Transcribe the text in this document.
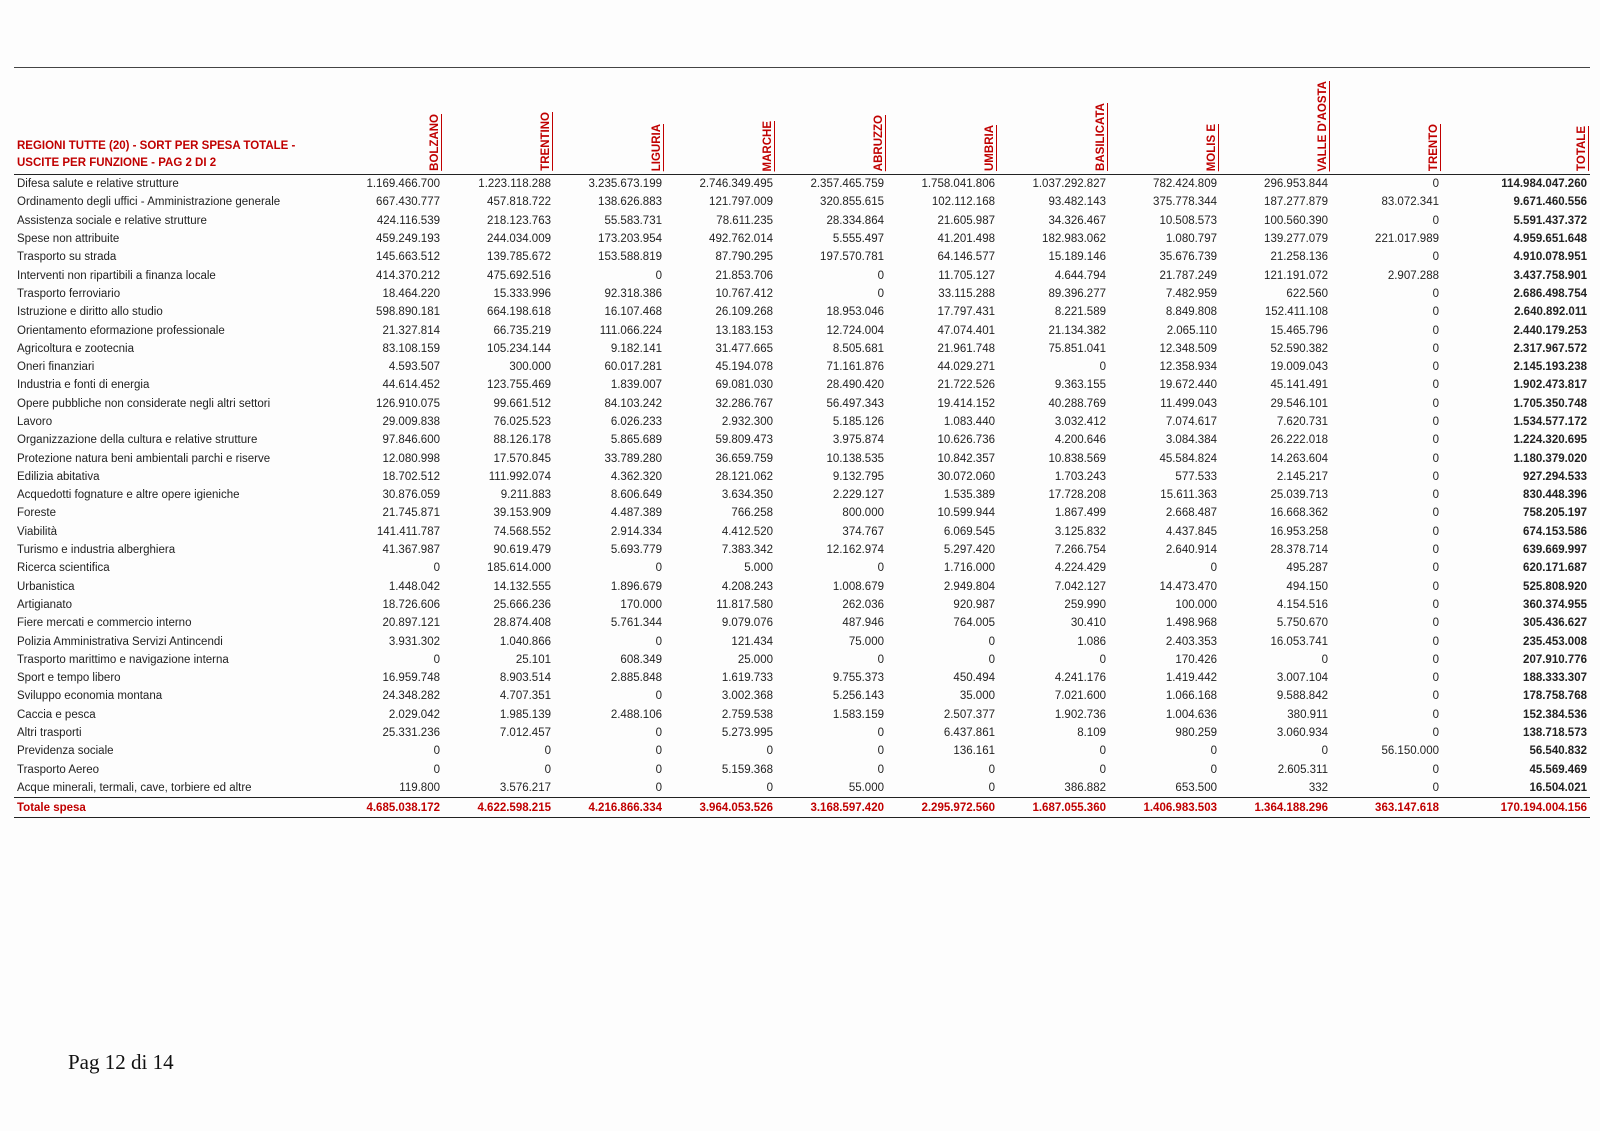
REGIONI TUTTE (20) - SORT PER SPESA TOTALE -
USCITE PER FUNZIONE - PAG 2 DI 2	BOLZANO	TRENTINO	LIGURIA	MARCHE	ABRUZZO	UMBRIA	BASILICATA	MOLIS E	VALLE D'AOSTA	TRENTO	TOTALE

Difesa salute e relative strutture	1.169.466.700	1.223.118.288	3.235.673.199	2.746.349.495	2.357.465.759	1.758.041.806	1.037.292.827	782.424.809	296.953.844	0	114.984.047.260
Ordinamento degli uffici - Amministrazione generale	667.430.777	457.818.722	138.626.883	121.797.009	320.855.615	102.112.168	93.482.143	375.778.344	187.277.879	83.072.341	9.671.460.556
Assistenza sociale e relative strutture	424.116.539	218.123.763	55.583.731	78.611.235	28.334.864	21.605.987	34.326.467	10.508.573	100.560.390	0	5.591.437.372
Spese non attribuite	459.249.193	244.034.009	173.203.954	492.762.014	5.555.497	41.201.498	182.983.062	1.080.797	139.277.079	221.017.989	4.959.651.648
Trasporto su strada	145.663.512	139.785.672	153.588.819	87.790.295	197.570.781	64.146.577	15.189.146	35.676.739	21.258.136	0	4.910.078.951
Interventi non ripartibili a finanza locale	414.370.212	475.692.516	0	21.853.706	0	11.705.127	4.644.794	21.787.249	121.191.072	2.907.288	3.437.758.901
Trasporto ferroviario	18.464.220	15.333.996	92.318.386	10.767.412	0	33.115.288	89.396.277	7.482.959	622.560	0	2.686.498.754
Istruzione e diritto allo studio	598.890.181	664.198.618	16.107.468	26.109.268	18.953.046	17.797.431	8.221.589	8.849.808	152.411.108	0	2.640.892.011
Orientamento eformazione professionale	21.327.814	66.735.219	111.066.224	13.183.153	12.724.004	47.074.401	21.134.382	2.065.110	15.465.796	0	2.440.179.253
Agricoltura e zootecnia	83.108.159	105.234.144	9.182.141	31.477.665	8.505.681	21.961.748	75.851.041	12.348.509	52.590.382	0	2.317.967.572
Oneri finanziari	4.593.507	300.000	60.017.281	45.194.078	71.161.876	44.029.271	0	12.358.934	19.009.043	0	2.145.193.238
Industria e fonti di energia	44.614.452	123.755.469	1.839.007	69.081.030	28.490.420	21.722.526	9.363.155	19.672.440	45.141.491	0	1.902.473.817
Opere pubbliche non considerate negli altri settori	126.910.075	99.661.512	84.103.242	32.286.767	56.497.343	19.414.152	40.288.769	11.499.043	29.546.101	0	1.705.350.748
Lavoro	29.009.838	76.025.523	6.026.233	2.932.300	5.185.126	1.083.440	3.032.412	7.074.617	7.620.731	0	1.534.577.172
Organizzazione della cultura e relative strutture	97.846.600	88.126.178	5.865.689	59.809.473	3.975.874	10.626.736	4.200.646	3.084.384	26.222.018	0	1.224.320.695
Protezione natura beni ambientali parchi e riserve	12.080.998	17.570.845	33.789.280	36.659.759	10.138.535	10.842.357	10.838.569	45.584.824	14.263.604	0	1.180.379.020
Edilizia abitativa	18.702.512	111.992.074	4.362.320	28.121.062	9.132.795	30.072.060	1.703.243	577.533	2.145.217	0	927.294.533
Acquedotti fognature e altre opere igieniche	30.876.059	9.211.883	8.606.649	3.634.350	2.229.127	1.535.389	17.728.208	15.611.363	25.039.713	0	830.448.396
Foreste	21.745.871	39.153.909	4.487.389	766.258	800.000	10.599.944	1.867.499	2.668.487	16.668.362	0	758.205.197
Viabilità	141.411.787	74.568.552	2.914.334	4.412.520	374.767	6.069.545	3.125.832	4.437.845	16.953.258	0	674.153.586
Turismo e industria alberghiera	41.367.987	90.619.479	5.693.779	7.383.342	12.162.974	5.297.420	7.266.754	2.640.914	28.378.714	0	639.669.997
Ricerca scientifica	0	185.614.000	0	5.000	0	1.716.000	4.224.429	0	495.287	0	620.171.687
Urbanistica	1.448.042	14.132.555	1.896.679	4.208.243	1.008.679	2.949.804	7.042.127	14.473.470	494.150	0	525.808.920
Artigianato	18.726.606	25.666.236	170.000	11.817.580	262.036	920.987	259.990	100.000	4.154.516	0	360.374.955
Fiere mercati e commercio interno	20.897.121	28.874.408	5.761.344	9.079.076	487.946	764.005	30.410	1.498.968	5.750.670	0	305.436.627
Polizia Amministrativa Servizi Antincendi	3.931.302	1.040.866	0	121.434	75.000	0	1.086	2.403.353	16.053.741	0	235.453.008
Trasporto marittimo e navigazione interna	0	25.101	608.349	25.000	0	0	0	170.426	0	0	207.910.776
Sport e tempo libero	16.959.748	8.903.514	2.885.848	1.619.733	9.755.373	450.494	4.241.176	1.419.442	3.007.104	0	188.333.307
Sviluppo economia montana	24.348.282	4.707.351	0	3.002.368	5.256.143	35.000	7.021.600	1.066.168	9.588.842	0	178.758.768
Caccia e pesca	2.029.042	1.985.139	2.488.106	2.759.538	1.583.159	2.507.377	1.902.736	1.004.636	380.911	0	152.384.536
Altri trasporti	25.331.236	7.012.457	0	5.273.995	0	6.437.861	8.109	980.259	3.060.934	0	138.718.573
Previdenza sociale	0	0	0	0	0	136.161	0	0	0	56.150.000	56.540.832
Trasporto Aereo	0	0	0	5.159.368	0	0	0	0	2.605.311	0	45.569.469
Acque minerali, termali, cave, torbiere ed altre	119.800	3.576.217	0	0	55.000	0	386.882	653.500	332	0	16.504.021
Totale spesa	4.685.038.172	4.622.598.215	4.216.866.334	3.964.053.526	3.168.597.420	2.295.972.560	1.687.055.360	1.406.983.503	1.364.188.296	363.147.618	170.194.004.156
Pag 12 di 14
